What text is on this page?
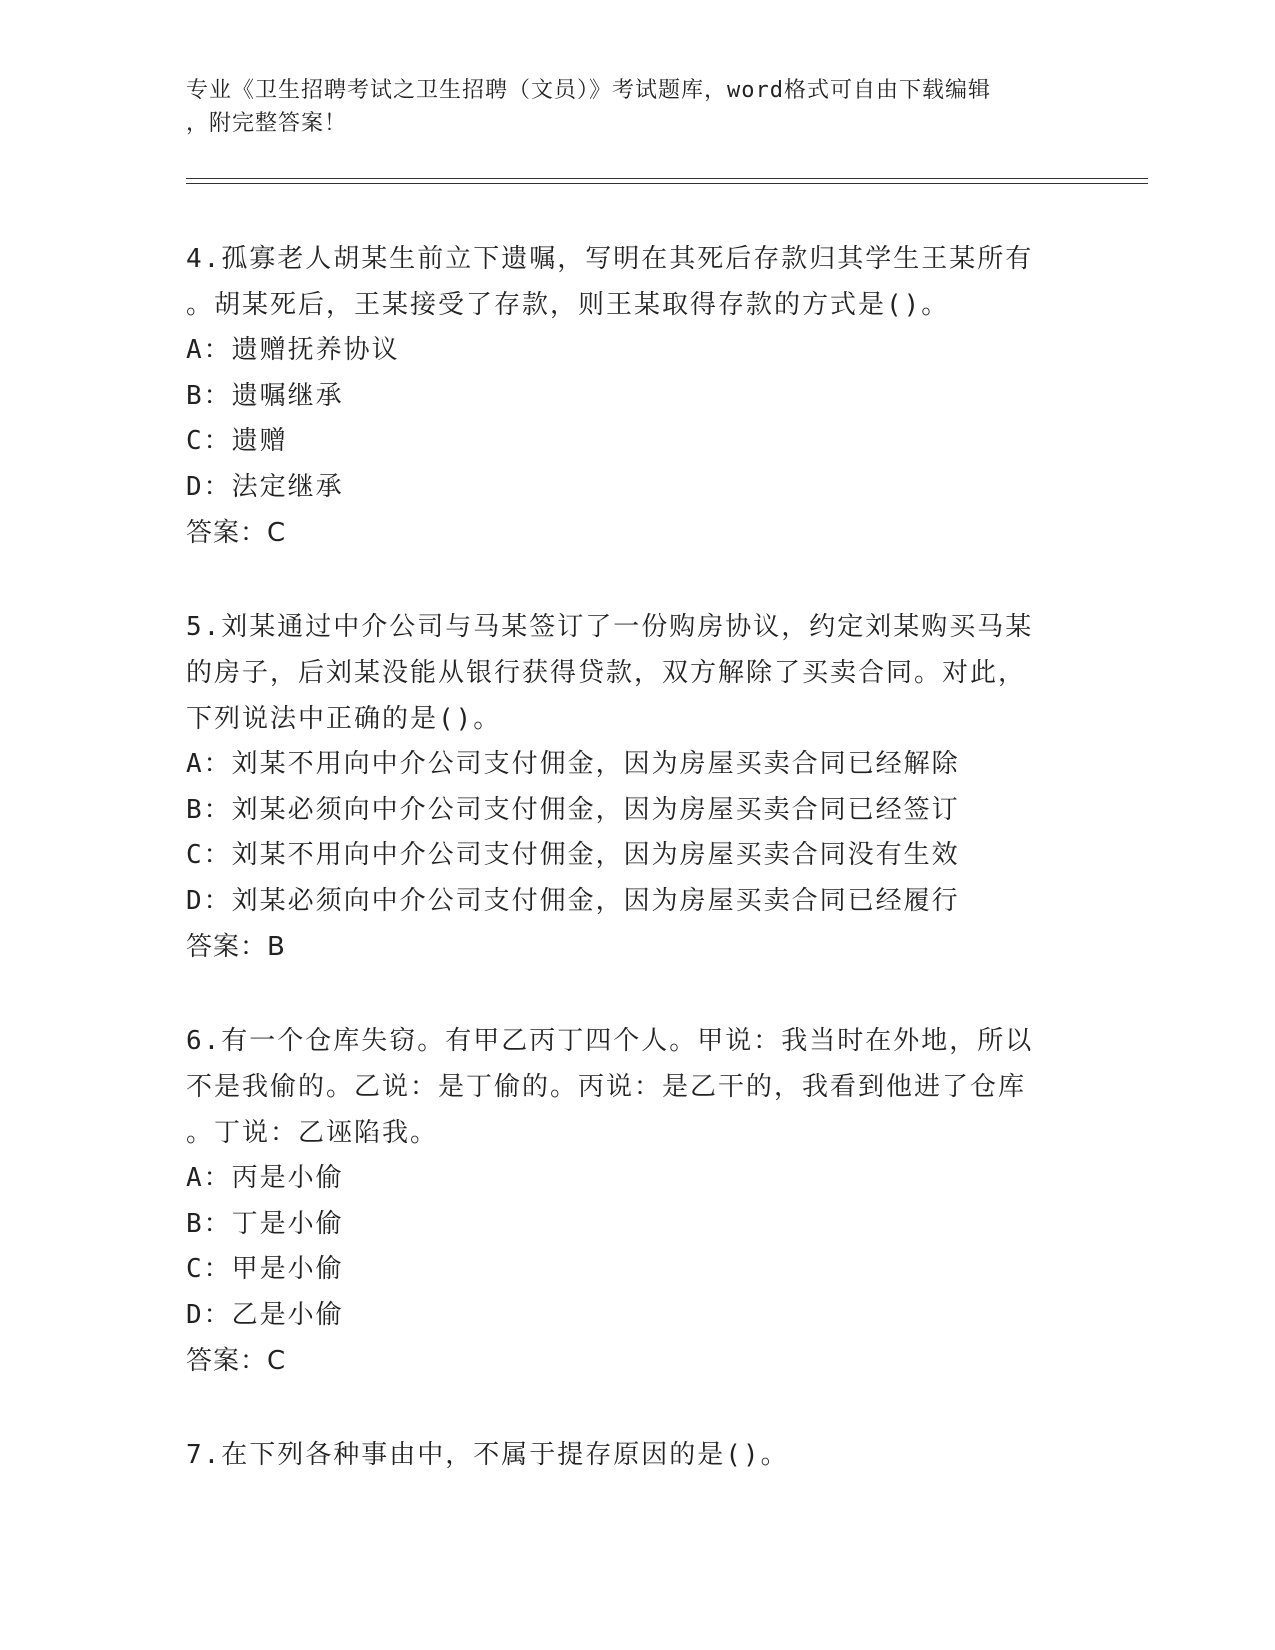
专业《卫生招聘考试之卫生招聘（文员）》考试题库，word格式可自由下载编辑
，附完整答案！

4.孤寡老人胡某生前立下遗嘱，写明在其死后存款归其学生王某所有

。胡某死后，王某接受了存款，则王某取得存款的方式是()。

A：遗赠抚养协议

B：遗嘱继承

C：遗赠

D：法定继承

答案：C

5.刘某通过中介公司与马某签订了一份购房协议，约定刘某购买马某

的房子，后刘某没能从银行获得贷款，双方解除了买卖合同。对此，

下列说法中正确的是()。

A：刘某不用向中介公司支付佣金，因为房屋买卖合同已经解除

B：刘某必须向中介公司支付佣金，因为房屋买卖合同已经签订

C：刘某不用向中介公司支付佣金，因为房屋买卖合同没有生效

D：刘某必须向中介公司支付佣金，因为房屋买卖合同已经履行

答案：B

6.有一个仓库失窃。有甲乙丙丁四个人。甲说：我当时在外地，所以

不是我偷的。乙说：是丁偷的。丙说：是乙干的，我看到他进了仓库

。丁说：乙诬陷我。

A：丙是小偷

B：丁是小偷

C：甲是小偷

D：乙是小偷

答案：C

7.在下列各种事由中，不属于提存原因的是()。
